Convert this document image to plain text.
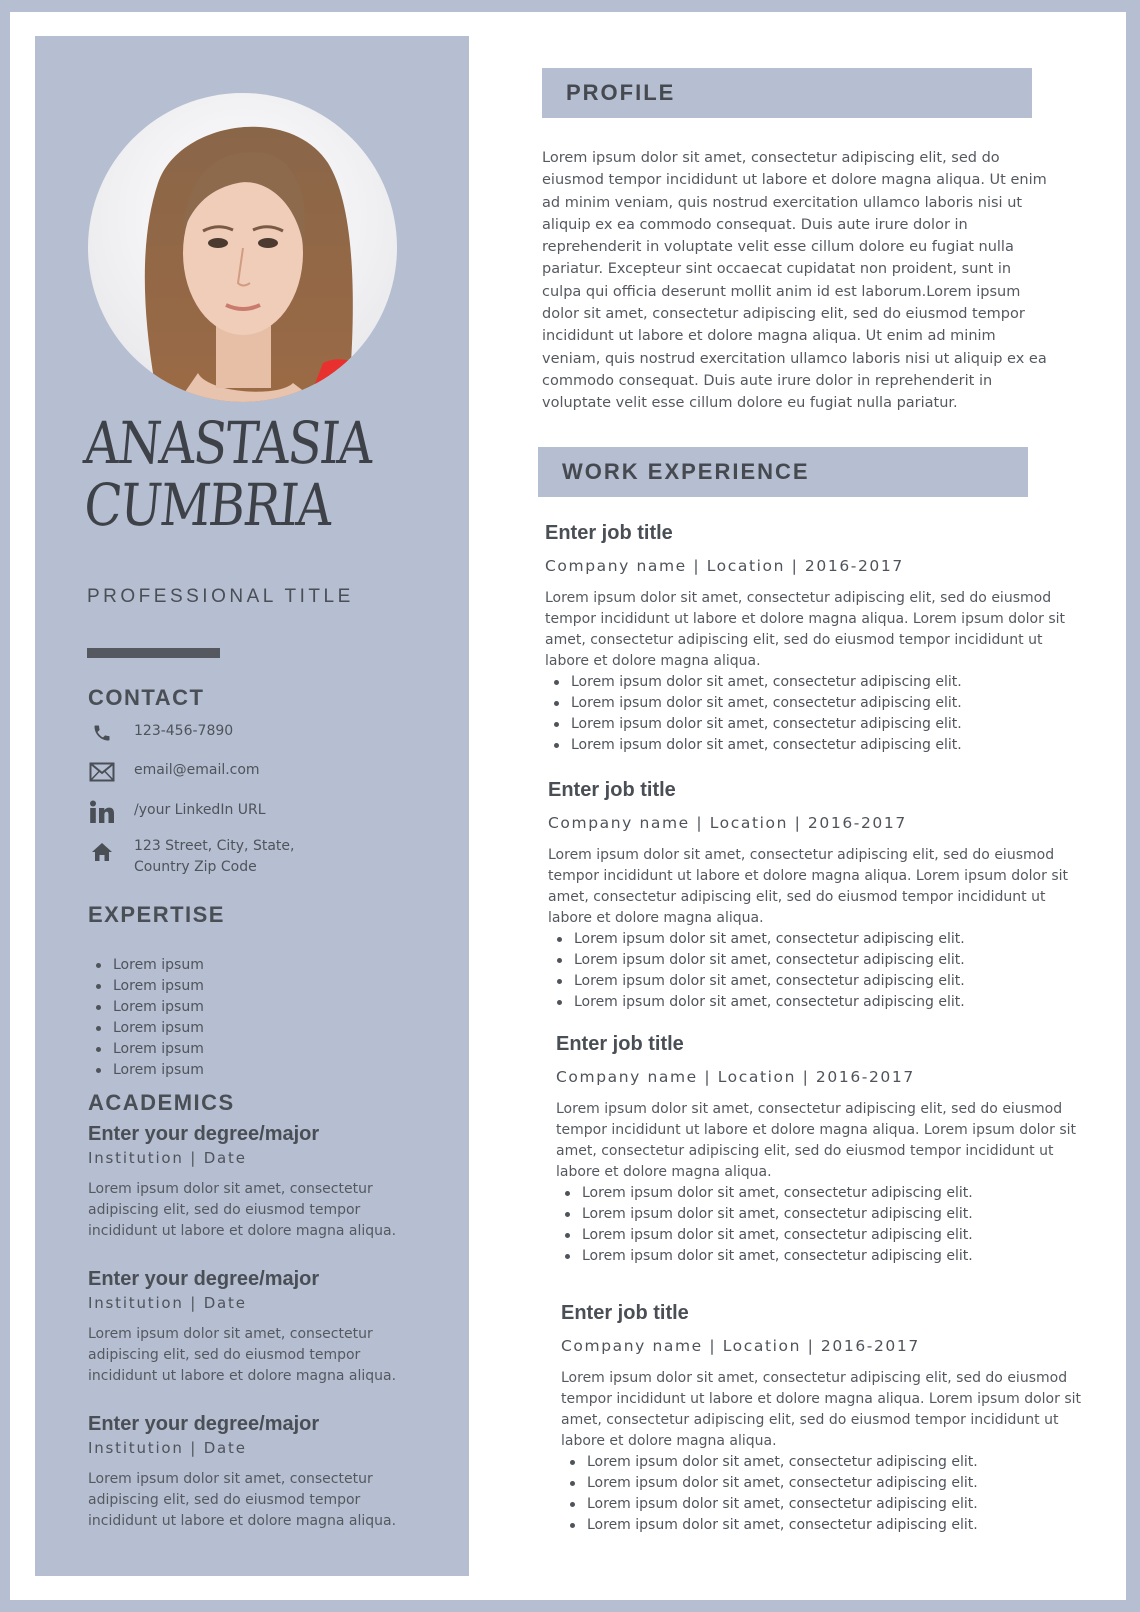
ANASTASIA
CUMBRIA
PROFESSIONAL TITLE
CONTACT
123-456-7890
email@email.com
/your LinkedIn URL
123 Street, City, State,
Country Zip Code
EXPERTISE
Lorem ipsum
Lorem ipsum
Lorem ipsum
Lorem ipsum
Lorem ipsum
Lorem ipsum
ACADEMICS
Enter your degree/major
Institution | Date

Lorem ipsum dolor sit amet, consectetur adipiscing elit, sed do eiusmod tempor incididunt ut labore et dolore magna aliqua.

Enter your degree/major
Institution | Date

Lorem ipsum dolor sit amet, consectetur adipiscing elit, sed do eiusmod tempor incididunt ut labore et dolore magna aliqua.

Enter your degree/major
Institution | Date

Lorem ipsum dolor sit amet, consectetur adipiscing elit, sed do eiusmod tempor incididunt ut labore et dolore magna aliqua.

PROFILE

Lorem ipsum dolor sit amet, consectetur adipiscing elit, sed do eiusmod tempor incididunt ut labore et dolore magna aliqua. Ut enim ad minim veniam, quis nostrud exercitation ullamco laboris nisi ut aliquip ex ea commodo consequat. Duis aute irure dolor in reprehenderit in voluptate velit esse cillum dolore eu fugiat nulla pariatur. Excepteur sint occaecat cupidatat non proident, sunt in culpa qui officia deserunt mollit anim id est laborum.Lorem ipsum dolor sit amet, consectetur adipiscing elit, sed do eiusmod tempor incididunt ut labore et dolore magna aliqua. Ut enim ad minim veniam, quis nostrud exercitation ullamco laboris nisi ut aliquip ex ea commodo consequat. Duis aute irure dolor in reprehenderit in voluptate velit esse cillum dolore eu fugiat nulla pariatur.

WORK EXPERIENCE
Enter job title
Company name | Location | 2016-2017

Lorem ipsum dolor sit amet, consectetur adipiscing elit, sed do eiusmod tempor incididunt ut labore et dolore magna aliqua. Lorem ipsum dolor sit amet, consectetur adipiscing elit, sed do eiusmod tempor incididunt ut labore et dolore magna aliqua.

Lorem ipsum dolor sit amet, consectetur adipiscing elit.
Lorem ipsum dolor sit amet, consectetur adipiscing elit.
Lorem ipsum dolor sit amet, consectetur adipiscing elit.
Lorem ipsum dolor sit amet, consectetur adipiscing elit.
Enter job title
Company name | Location | 2016-2017

Lorem ipsum dolor sit amet, consectetur adipiscing elit, sed do eiusmod tempor incididunt ut labore et dolore magna aliqua. Lorem ipsum dolor sit amet, consectetur adipiscing elit, sed do eiusmod tempor incididunt ut labore et dolore magna aliqua.

Lorem ipsum dolor sit amet, consectetur adipiscing elit.
Lorem ipsum dolor sit amet, consectetur adipiscing elit.
Lorem ipsum dolor sit amet, consectetur adipiscing elit.
Lorem ipsum dolor sit amet, consectetur adipiscing elit.
Enter job title
Company name | Location | 2016-2017

Lorem ipsum dolor sit amet, consectetur adipiscing elit, sed do eiusmod tempor incididunt ut labore et dolore magna aliqua. Lorem ipsum dolor sit amet, consectetur adipiscing elit, sed do eiusmod tempor incididunt ut labore et dolore magna aliqua.

Lorem ipsum dolor sit amet, consectetur adipiscing elit.
Lorem ipsum dolor sit amet, consectetur adipiscing elit.
Lorem ipsum dolor sit amet, consectetur adipiscing elit.
Lorem ipsum dolor sit amet, consectetur adipiscing elit.
Enter job title
Company name | Location | 2016-2017

Lorem ipsum dolor sit amet, consectetur adipiscing elit, sed do eiusmod tempor incididunt ut labore et dolore magna aliqua. Lorem ipsum dolor sit amet, consectetur adipiscing elit, sed do eiusmod tempor incididunt ut labore et dolore magna aliqua.

Lorem ipsum dolor sit amet, consectetur adipiscing elit.
Lorem ipsum dolor sit amet, consectetur adipiscing elit.
Lorem ipsum dolor sit amet, consectetur adipiscing elit.
Lorem ipsum dolor sit amet, consectetur adipiscing elit.
